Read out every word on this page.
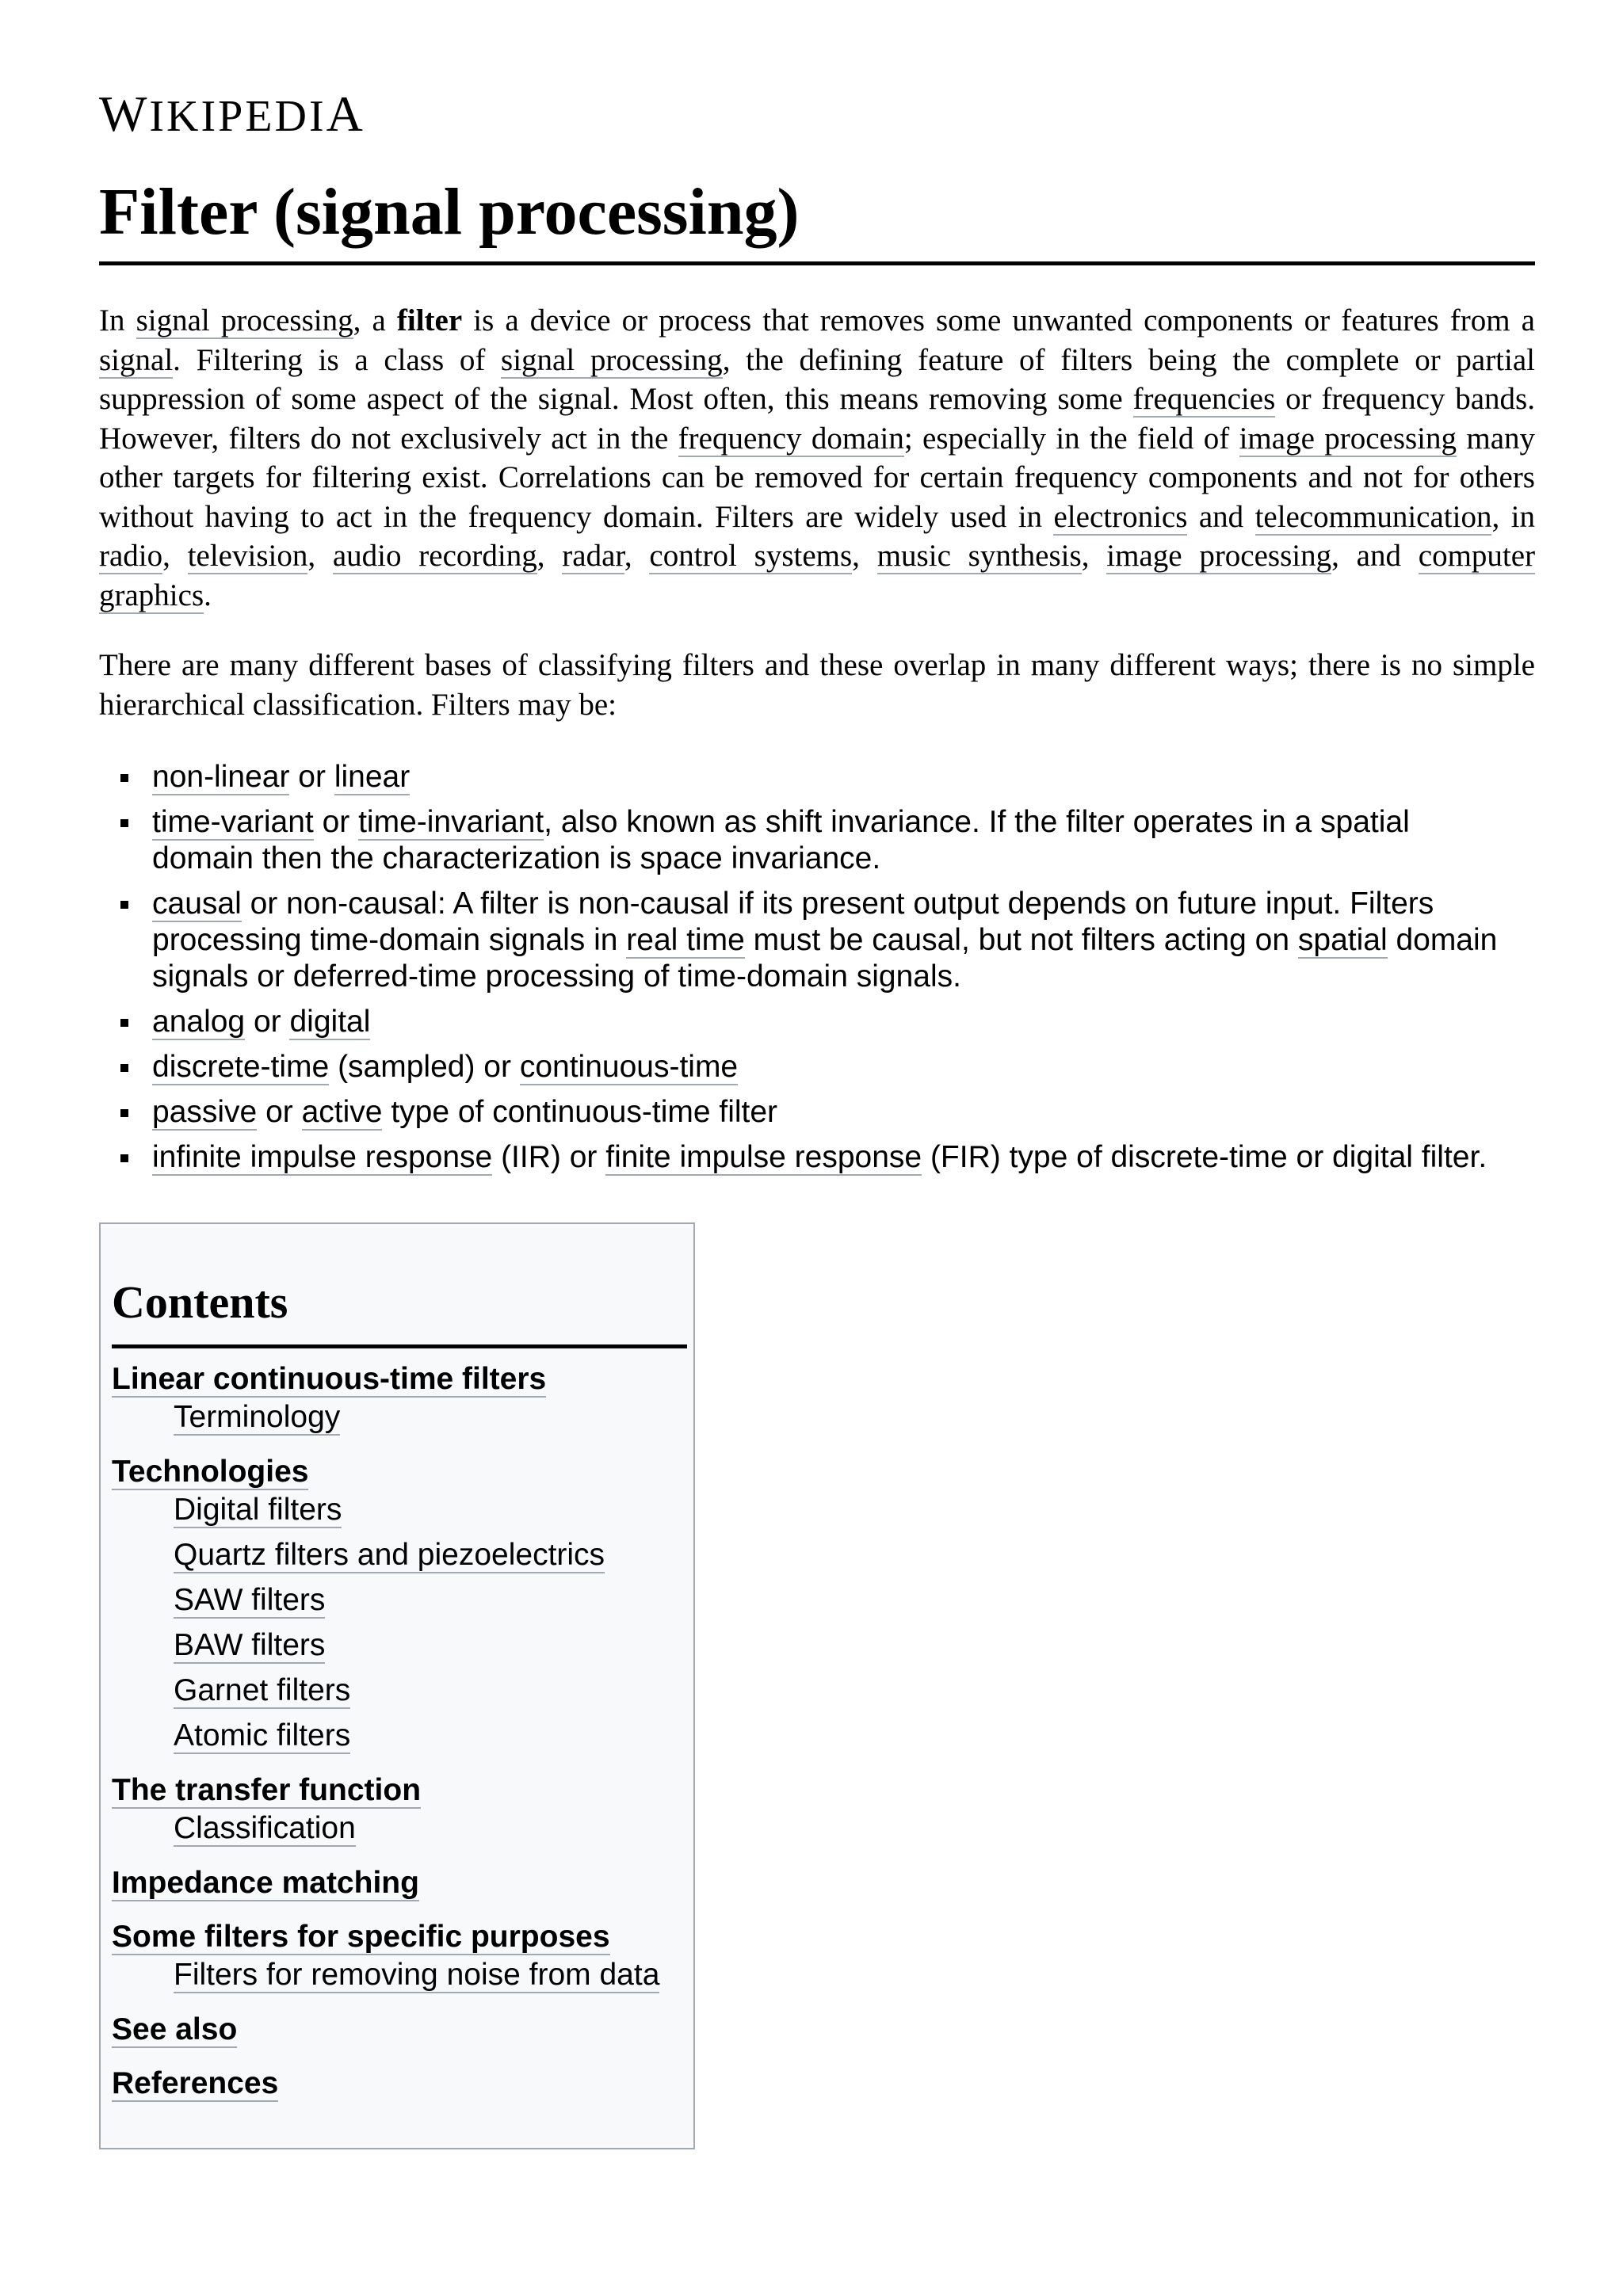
WIKIPEDIA
Filter (signal processing)

In signal processing, a filter is a device or process that removes some unwanted components or features from a signal. Filtering is a class of signal processing, the defining feature of filters being the complete or partial suppression of some aspect of the signal. Most often, this means removing some frequencies or frequency bands. However, filters do not exclusively act in the frequency domain; especially in the field of image processing many other targets for filtering exist. Correlations can be removed for certain frequency components and not for others without having to act in the frequency domain. Filters are widely used in electronics and telecommunication, in radio, television, audio recording, radar, control systems, music synthesis, image processing, and computer graphics.

There are many different bases of classifying filters and these overlap in many different ways; there is no simple hierarchical classification. Filters may be:

non-linear or linear
time-variant or time-invariant, also known as shift invariance. If the filter operates in a spatial domain then the characterization is space invariance.
causal or non-causal: A filter is non-causal if its present output depends on future input. Filters processing time-domain signals in real time must be causal, but not filters acting on spatial domain signals or deferred-time processing of time-domain signals.
analog or digital
discrete-time (sampled) or continuous-time
passive or active type of continuous-time filter
infinite impulse response (IIR) or finite impulse response (FIR) type of discrete-time or digital filter.
Contents
Linear continuous-time filters
Terminology
Technologies
Digital filters
Quartz filters and piezoelectrics
SAW filters
BAW filters
Garnet filters
Atomic filters
The transfer function
Classification
Impedance matching
Some filters for specific purposes
Filters for removing noise from data
See also
References
